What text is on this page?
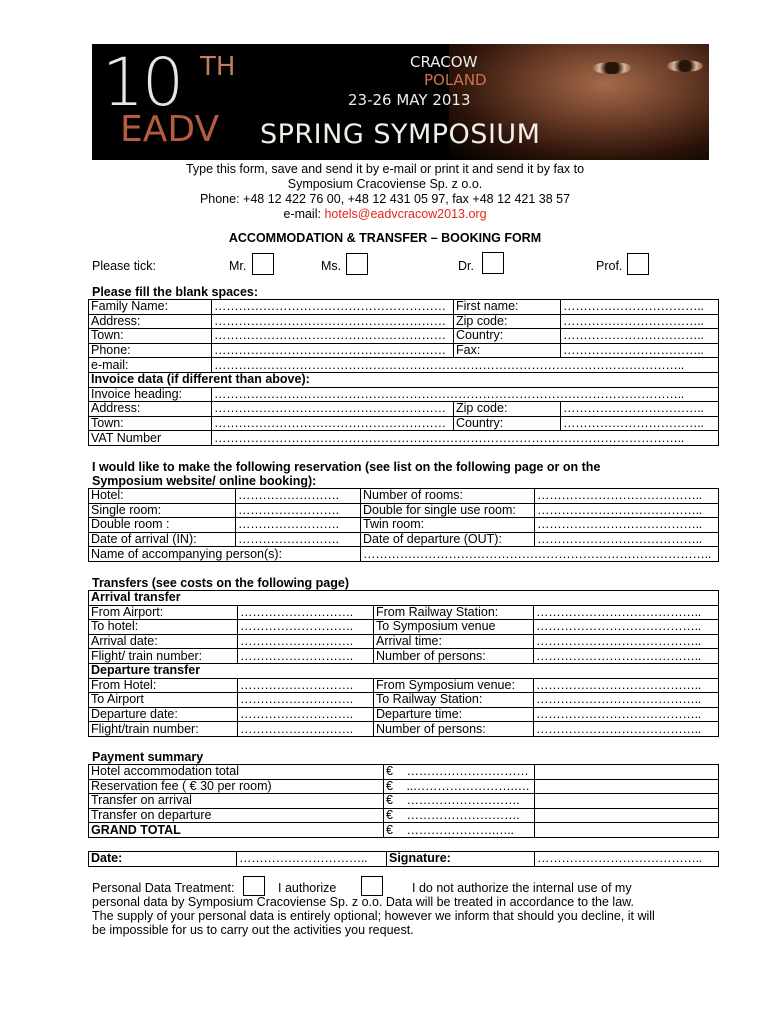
10 TH
EADV SPRING SYMPOSIUM
CRACOW
POLAND
23-26 MAY 2013
Type this form, save and send it by e-mail or print it and send it by fax to
Symposium Cracoviense Sp. z o.o.
Phone: +48 12 422 76 00, +48 12 431 05 97, fax +48 12 421 38 57
e-mail: hotels@eadvcracow2013.org
ACCOMMODATION & TRANSFER – BOOKING FORM
Please tick:	Mr.	Ms.	Dr.	Prof.
Please fill the blank spaces:
Family Name:	…………………………………………………	First name:	……………………………..
Address:	…………………………………………………	Zip code:	……………………………..
Town:	…………………………………………………	Country:	……………………………..
Phone:	…………………………………………………	Fax:	……………………………..
e-mail:	……………………………………………………………………………………………………..		
Invoice data (if different than above):			
Invoice heading:	……………………………………………………………………………………………………..		
Address:	…………………………………………………	Zip code:	……………………………..
Town:	…………………………………………………	Country:	……………………………..
VAT Number	……………………………………………………………………………………………………..		
I would like to make the following reservation (see list on the following page or on the
Symposium website/ online booking):
Hotel:	…………………….	Number of rooms:	…………………………………..
Single room:	…………………….	Double for single use room:	…………………………………..
Double room :	…………………….	Twin room:	…………………………………..
Date of arrival (IN):	…………………….	Date of departure (OUT):	…………………………………..
Name of accompanying person(s):		…………………………………………………………………………..	
Transfers (see costs on the following page)
Arrival transfer			
From Airport:	……………………….	From Railway Station:	…………………………………..
To hotel:	……………………….	To Symposium venue	…………………………………..
Arrival date:	……………………….	Arrival time:	…………………………………..
Flight/ train number:	……………………….	Number of persons:	…………………………………..
Departure transfer			
From Hotel:	……………………….	From Symposium venue:	…………………………………..
To Airport	……………………….	To Railway Station:	…………………………………..
Departure date:	……………………….	Departure time:	…………………………………..
Flight/train number:	……………………….	Number of persons:	…………………………………..
Payment summary
Hotel accommodation total	€	…………………………	
Reservation fee ( € 30 per room)	€	..…………………….….	
Transfer on arrival	€	……………………….	
Transfer on departure	€	……………………….	
GRAND TOTAL	€	………………….…..	
Date:	…………………………..	Signature:	…………………………………..
Personal Data Treatment:	I authorize	I do not authorize the internal use of my
personal data by Symposium Cracoviense Sp. z o.o. Data will be treated in accordance to the law.
The supply of your personal data is entirely optional; however we inform that should you decline, it will
be impossible for us to carry out the activities you request.
